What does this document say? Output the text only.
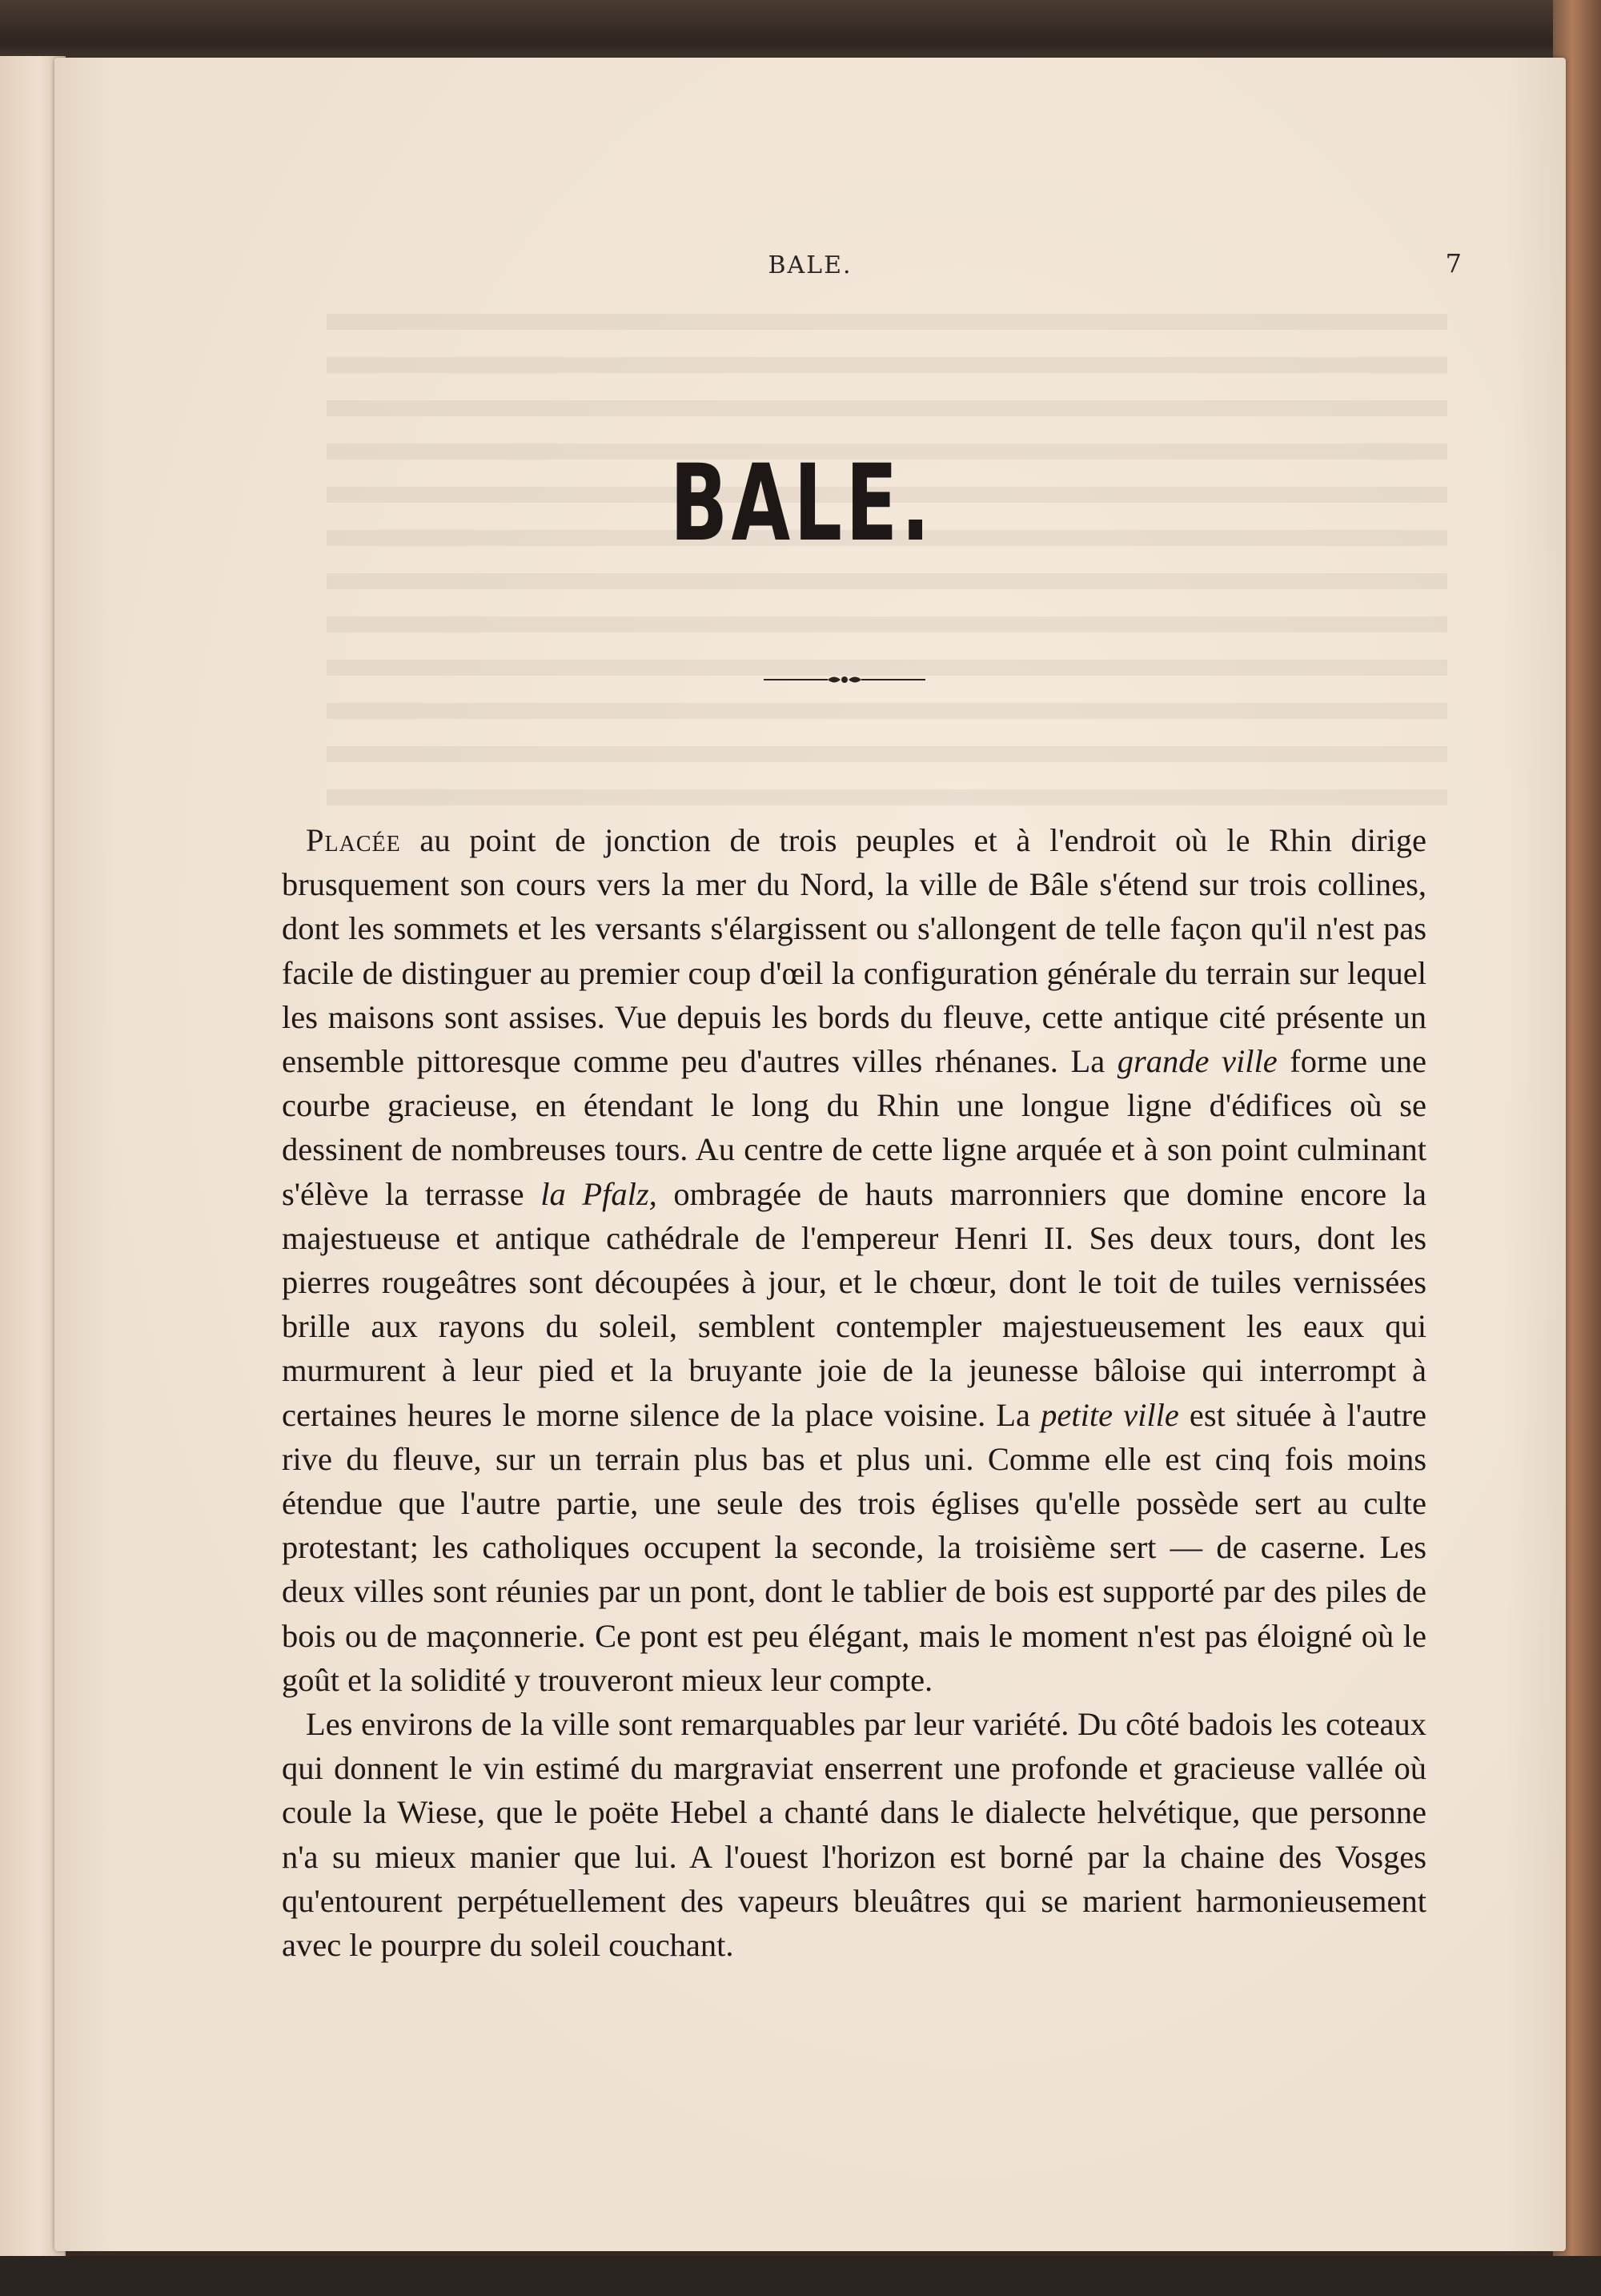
BALE.	7
BALE.

Placée au point de jonction de trois peuples et à l'endroit où le Rhin dirige brusquement son cours vers la mer du Nord, la ville de Bâle s'étend sur trois collines, dont les sommets et les versants s'élargissent ou s'allongent de telle façon qu'il n'est pas facile de distinguer au premier coup d'œil la configuration générale du terrain sur lequel les maisons sont assises. Vue depuis les bords du fleuve, cette antique cité présente un ensemble pittoresque comme peu d'autres villes rhénanes. La grande ville forme une courbe gracieuse, en étendant le long du Rhin une longue ligne d'édifices où se dessinent de nombreuses tours. Au centre de cette ligne arquée et à son point culminant s'élève la terrasse la Pfalz, ombragée de hauts marronniers que domine encore la majestueuse et antique cathédrale de l'empereur Henri II. Ses deux tours, dont les pierres rougeâtres sont découpées à jour, et le chœur, dont le toit de tuiles vernissées brille aux rayons du soleil, semblent contempler majestueusement les eaux qui murmurent à leur pied et la bruyante joie de la jeunesse bâloise qui interrompt à certaines heures le morne silence de la place voisine. La petite ville est située à l'autre rive du fleuve, sur un terrain plus bas et plus uni. Comme elle est cinq fois moins étendue que l'autre partie, une seule des trois églises qu'elle possède sert au culte protestant; les catholiques occupent la seconde, la troisième sert — de caserne. Les deux villes sont réunies par un pont, dont le tablier de bois est supporté par des piles de bois ou de maçonnerie. Ce pont est peu élégant, mais le moment n'est pas éloigné où le goût et la solidité y trouveront mieux leur compte.

Les environs de la ville sont remarquables par leur variété. Du côté badois les coteaux qui donnent le vin estimé du margraviat enserrent une profonde et gracieuse vallée où coule la Wiese, que le poëte Hebel a chanté dans le dialecte helvétique, que personne n'a su mieux manier que lui. A l'ouest l'horizon est borné par la chaine des Vosges qu'entourent perpétuellement des vapeurs bleuâtres qui se marient harmonieusement avec le pourpre du soleil couchant.
